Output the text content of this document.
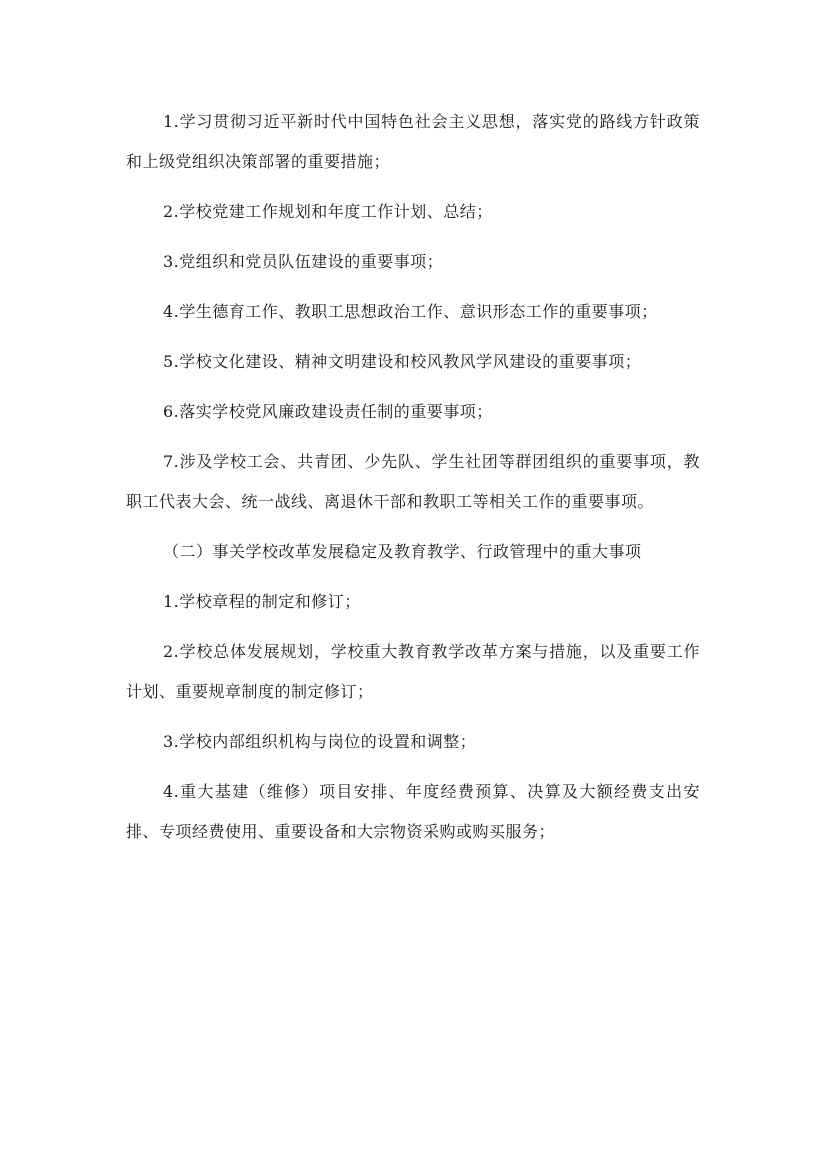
1.学习贯彻习近平新时代中国特色社会主义思想，落实党的路线方针政策和上级党组织决策部署的重要措施；

2.学校党建工作规划和年度工作计划、总结；

3.党组织和党员队伍建设的重要事项；

4.学生德育工作、教职工思想政治工作、意识形态工作的重要事项；

5.学校文化建设、精神文明建设和校风教风学风建设的重要事项；

6.落实学校党风廉政建设责任制的重要事项；

7.涉及学校工会、共青团、少先队、学生社团等群团组织的重要事项，教职工代表大会、统一战线、离退休干部和教职工等相关工作的重要事项。

（二）事关学校改革发展稳定及教育教学、行政管理中的重大事项

1.学校章程的制定和修订；

2.学校总体发展规划，学校重大教育教学改革方案与措施，以及重要工作计划、重要规章制度的制定修订；

3.学校内部组织机构与岗位的设置和调整；

4.重大基建（维修）项目安排、年度经费预算、决算及大额经费支出安排、专项经费使用、重要设备和大宗物资采购或购买服务；
